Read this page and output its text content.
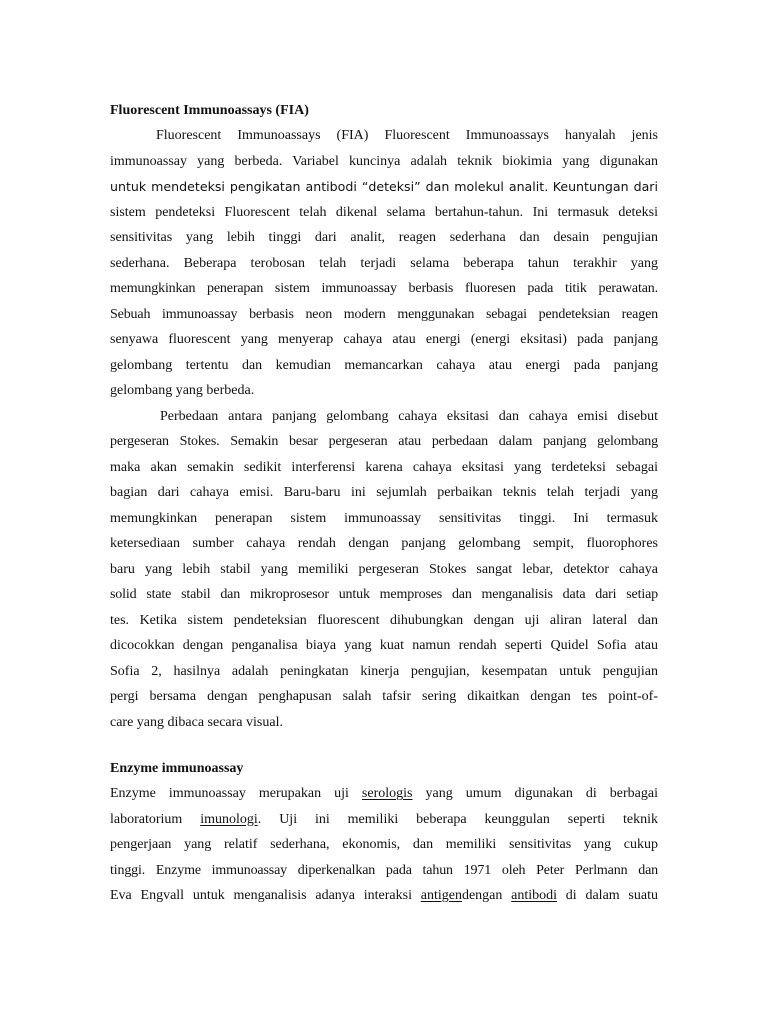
Fluorescent Immunoassays (FIA)
Fluorescent Immunoassays (FIA) Fluorescent Immunoassays hanyalah jenis
immunoassay yang berbeda. Variabel kuncinya adalah teknik biokimia yang digunakan
untuk mendeteksi pengikatan antibodi “deteksi” dan molekul analit. Keuntungan dari
sistem pendeteksi Fluorescent telah dikenal selama bertahun-tahun. Ini termasuk deteksi
sensitivitas yang lebih tinggi dari analit, reagen sederhana dan desain pengujian
sederhana. Beberapa terobosan telah terjadi selama beberapa tahun terakhir yang
memungkinkan penerapan sistem immunoassay berbasis fluoresen pada titik perawatan.
Sebuah immunoassay berbasis neon modern menggunakan sebagai pendeteksian reagen
senyawa fluorescent yang menyerap cahaya atau energi (energi eksitasi) pada panjang
gelombang tertentu dan kemudian memancarkan cahaya atau energi pada panjang
gelombang yang berbeda.
Perbedaan antara panjang gelombang cahaya eksitasi dan cahaya emisi disebut
pergeseran Stokes. Semakin besar pergeseran atau perbedaan dalam panjang gelombang
maka akan semakin sedikit interferensi karena cahaya eksitasi yang terdeteksi sebagai
bagian dari cahaya emisi. Baru-baru ini sejumlah perbaikan teknis telah terjadi yang
memungkinkan penerapan sistem immunoassay sensitivitas tinggi. Ini termasuk
ketersediaan sumber cahaya rendah dengan panjang gelombang sempit, fluorophores
baru yang lebih stabil yang memiliki pergeseran Stokes sangat lebar, detektor cahaya
solid state stabil dan mikroprosesor untuk memproses dan menganalisis data dari setiap
tes. Ketika sistem pendeteksian fluorescent dihubungkan dengan uji aliran lateral dan
dicocokkan dengan penganalisa biaya yang kuat namun rendah seperti Quidel Sofia atau
Sofia 2, hasilnya adalah peningkatan kinerja pengujian, kesempatan untuk pengujian
pergi bersama dengan penghapusan salah tafsir sering dikaitkan dengan tes point-of-
care yang dibaca secara visual.
Enzyme immunoassay
Enzyme immunoassay merupakan uji serologis yang umum digunakan di berbagai
laboratorium imunologi. Uji ini memiliki beberapa keunggulan seperti teknik
pengerjaan yang relatif sederhana, ekonomis, dan memiliki sensitivitas yang cukup
tinggi. Enzyme immunoassay diperkenalkan pada tahun 1971 oleh Peter Perlmann dan
Eva Engvall untuk menganalisis adanya interaksi antigendengan antibodi di dalam suatu
